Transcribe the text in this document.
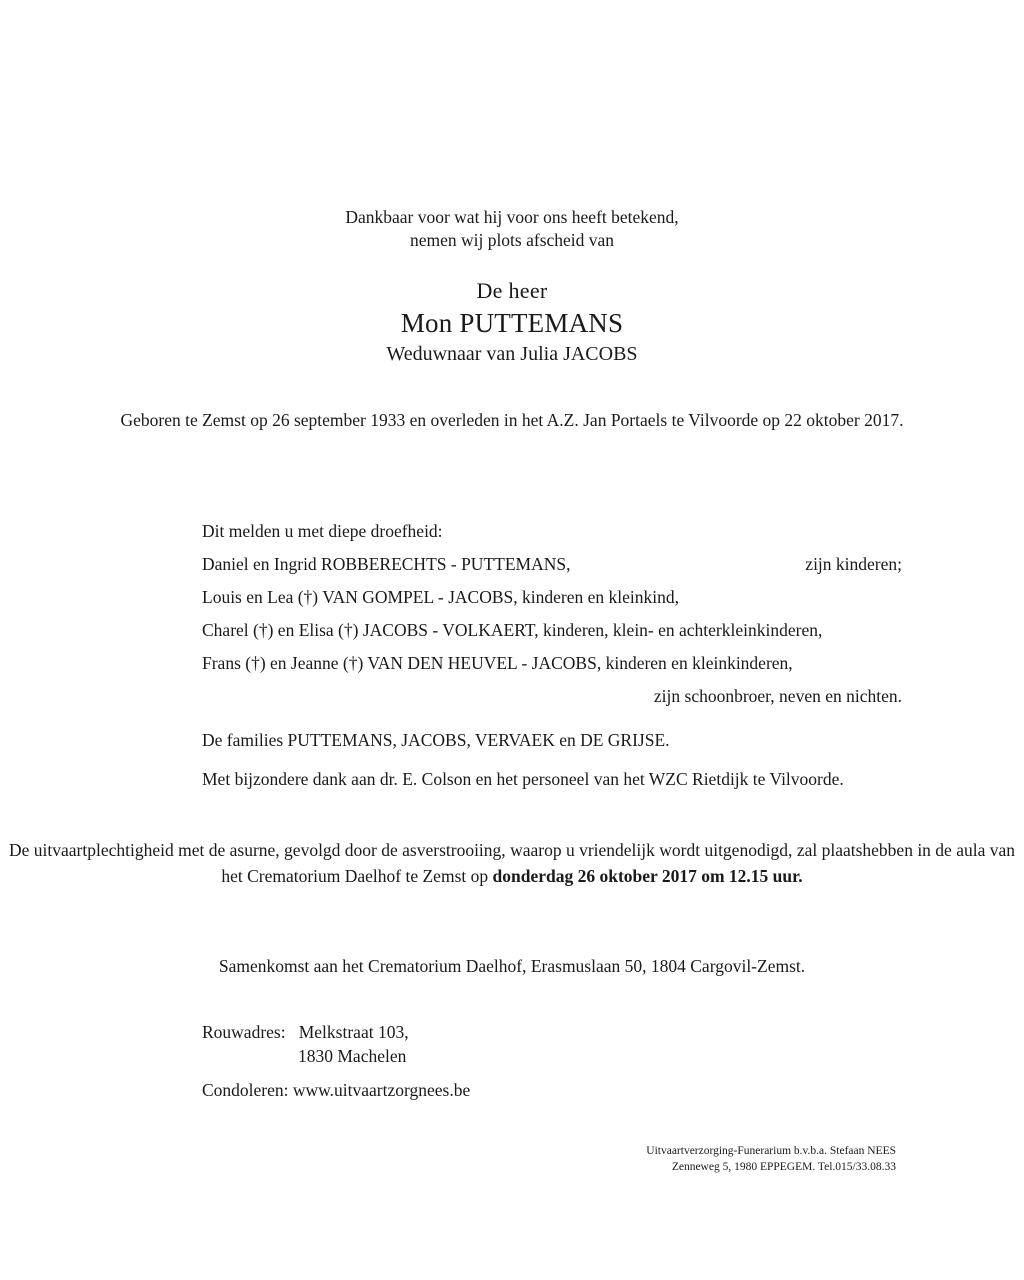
Dankbaar voor wat hij voor ons heeft betekend,
nemen wij plots afscheid van
De heer
Mon PUTTEMANS
Weduwnaar van Julia JACOBS
Geboren te Zemst op 26 september 1933 en overleden in het A.Z. Jan Portaels te Vilvoorde op 22 oktober 2017.
Dit melden u met diepe droefheid:
Daniel en Ingrid ROBBERECHTS - PUTTEMANS,	zijn kinderen;
Louis en Lea (†) VAN GOMPEL - JACOBS, kinderen en kleinkind,
Charel (†) en Elisa (†) JACOBS - VOLKAERT, kinderen, klein- en achterkleinkinderen,
Frans (†) en Jeanne (†) VAN DEN HEUVEL - JACOBS, kinderen en kleinkinderen,
zijn schoonbroer, neven en nichten.
De families PUTTEMANS, JACOBS, VERVAEK en DE GRIJSE.
Met bijzondere dank aan dr. E. Colson en het personeel van het WZC Rietdijk te Vilvoorde.
De uitvaartplechtigheid met de asurne, gevolgd door de asverstrooiing, waarop u vriendelijk wordt uitgenodigd, zal plaatshebben in de aula van het Crematorium Daelhof te Zemst op donderdag 26 oktober 2017 om 12.15 uur.
Samenkomst aan het Crematorium Daelhof, Erasmuslaan 50, 1804 Cargovil-Zemst.
Rouwadres: Melkstraat 103,
1830 Machelen
Condoleren: www.uitvaartzorgnees.be
Uitvaartverzorging-Funerarium b.v.b.a. Stefaan NEES
Zenneweg 5, 1980 EPPEGEM. Tel.015/33.08.33
